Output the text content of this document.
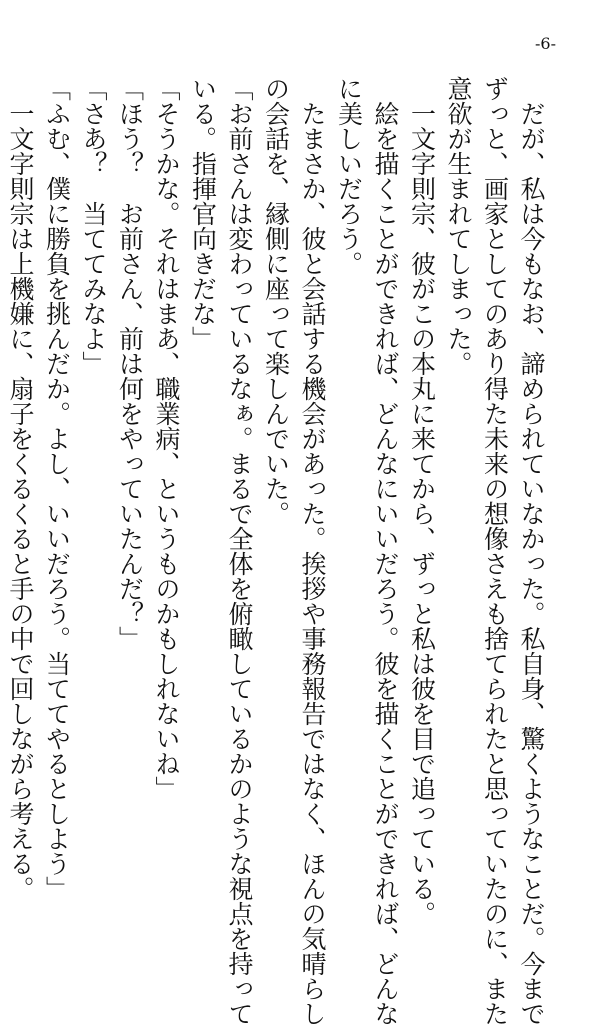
-6-
　だが、私は今もなお、諦められていなかった。私自身、驚くようなことだ。今まで
ずっと、画家としてのあり得た未来の想像さえも捨てられたと思っていたのに、また
意欲が生まれてしまった。
　一文字則宗、彼がこの本丸に来てから、ずっと私は彼を目で追っている。
　絵を描くことができれば、どんなにいいだろう。彼を描くことができれば、どんな
に美しいだろう。
　たまさか、彼と会話する機会があった。挨拶や事務報告ではなく、ほんの気晴らし
の会話を、縁側に座って楽しんでいた。
「お前さんは変わっているなぁ。まるで全体を俯瞰しているかのような視点を持って
いる。指揮官向きだな」
「そうかな。それはまあ、職業病、というものかもしれないね」
「ほう？　お前さん、前は何をやっていたんだ？」
「さあ？　当ててみなよ」
「ふむ、僕に勝負を挑んだか。よし、いいだろう。当ててやるとしよう」
　一文字則宗は上機嫌に、扇子をくるくると手の中で回しながら考える。
